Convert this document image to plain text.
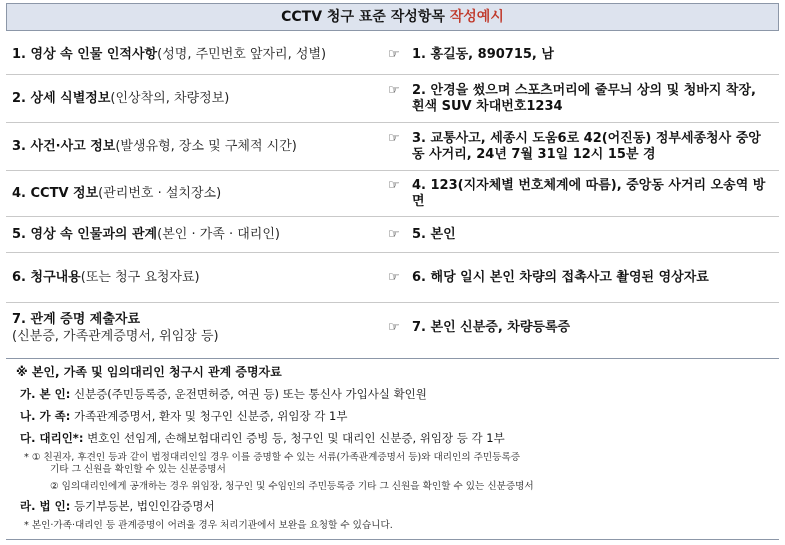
CCTV 청구 표준 작성항목 작성예시
1. 영상 속 인물 인적사항(성명, 주민번호 앞자리, 성별)	☞ 1. 홍길동, 890715, 남
2. 상세 식별정보(인상착의, 차량정보)
☞ 2. 안경을 썼으며 스포츠머리에 줄무늬 상의 및 청바지 착장, 흰색 SUV 차대번호1234
3. 사건·사고 정보(발생유형, 장소 및 구체적 시간)
☞ 3. 교통사고, 세종시 도움6로 42(어진동) 정부세종청사 중앙동 사거리, 24년 7월 31일 12시 15분 경
4. CCTV 정보(관리번호 · 설치장소)
☞ 4. 123(지자체별 번호체계에 따름), 중앙동 사거리 오송역 방면
5. 영상 속 인물과의 관계(본인 · 가족 · 대리인)	☞ 5. 본인
6. 청구내용(또는 청구 요청자료)	☞ 6. 해당 일시 본인 차량의 접촉사고 촬영된 영상자료
7. 관계 증명 제출자료
(신분증, 가족관계증명서, 위임장 등)
☞ 7. 본인 신분증, 차량등록증
※ 본인, 가족 및 임의대리인 청구시 관계 증명자료
가. 본 인: 신분증(주민등록증, 운전면허증, 여권 등) 또는 통신사 가입사실 확인원
나. 가 족: 가족관계증명서, 환자 및 청구인 신분증, 위임장 각 1부
다. 대리인*: 변호인 선임계, 손해보험대리인 증빙 등, 청구인 및 대리인 신분증, 위임장 등 각 1부
* ① 친권자, 후견인 등과 같이 법정대리인일 경우 이를 증명할 수 있는 서류(가족관계증명서 등)와 대리인의 주민등록증
기타 그 신원을 확인할 수 있는 신분증명서
② 임의대리인에게 공개하는 경우 위임장, 청구인 및 수임인의 주민등록증 기타 그 신원을 확인할 수 있는 신분증명서
라. 법 인: 등기부등본, 법인인감증명서
* 본인·가족·대리인 등 관계증명이 어려울 경우 처리기관에서 보완을 요청할 수 있습니다.
